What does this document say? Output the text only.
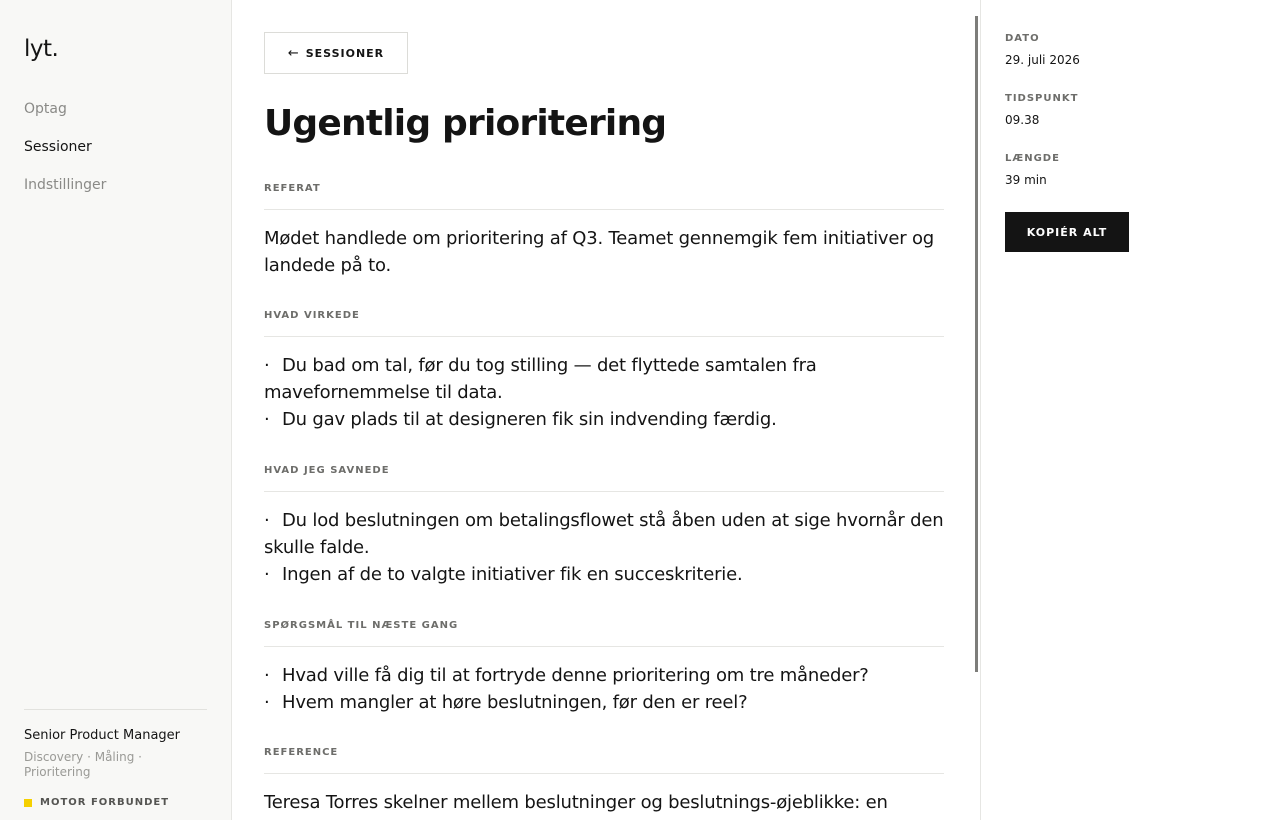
lyt.
Optag
Sessioner
Indstillinger
Senior Product Manager
Discovery · Måling · Prioritering
MOTOR FORBUNDET
← SESSIONER
Ugentlig prioritering
REFERAT
Mødet handlede om prioritering af Q3. Teamet gennemgik fem initiativer og landede på to.
HVAD VIRKEDE
· Du bad om tal, før du tog stilling — det flyttede samtalen fra mavefornemmelse til data.
· Du gav plads til at designeren fik sin indvending færdig.
HVAD JEG SAVNEDE
· Du lod beslutningen om betalingsflowet stå åben uden at sige hvornår den skulle falde.
· Ingen af de to valgte initiativer fik en succeskriterie.
SPØRGSMÅL TIL NÆSTE GANG
· Hvad ville få dig til at fortryde denne prioritering om tre måneder?
· Hvem mangler at høre beslutningen, før den er reel?
REFERENCE
Teresa Torres skelner mellem beslutninger og beslutnings-øjeblikke: en
DATO
29. juli 2026
TIDSPUNKT
09.38
LÆNGDE
39 min
KOPIÉR ALT
